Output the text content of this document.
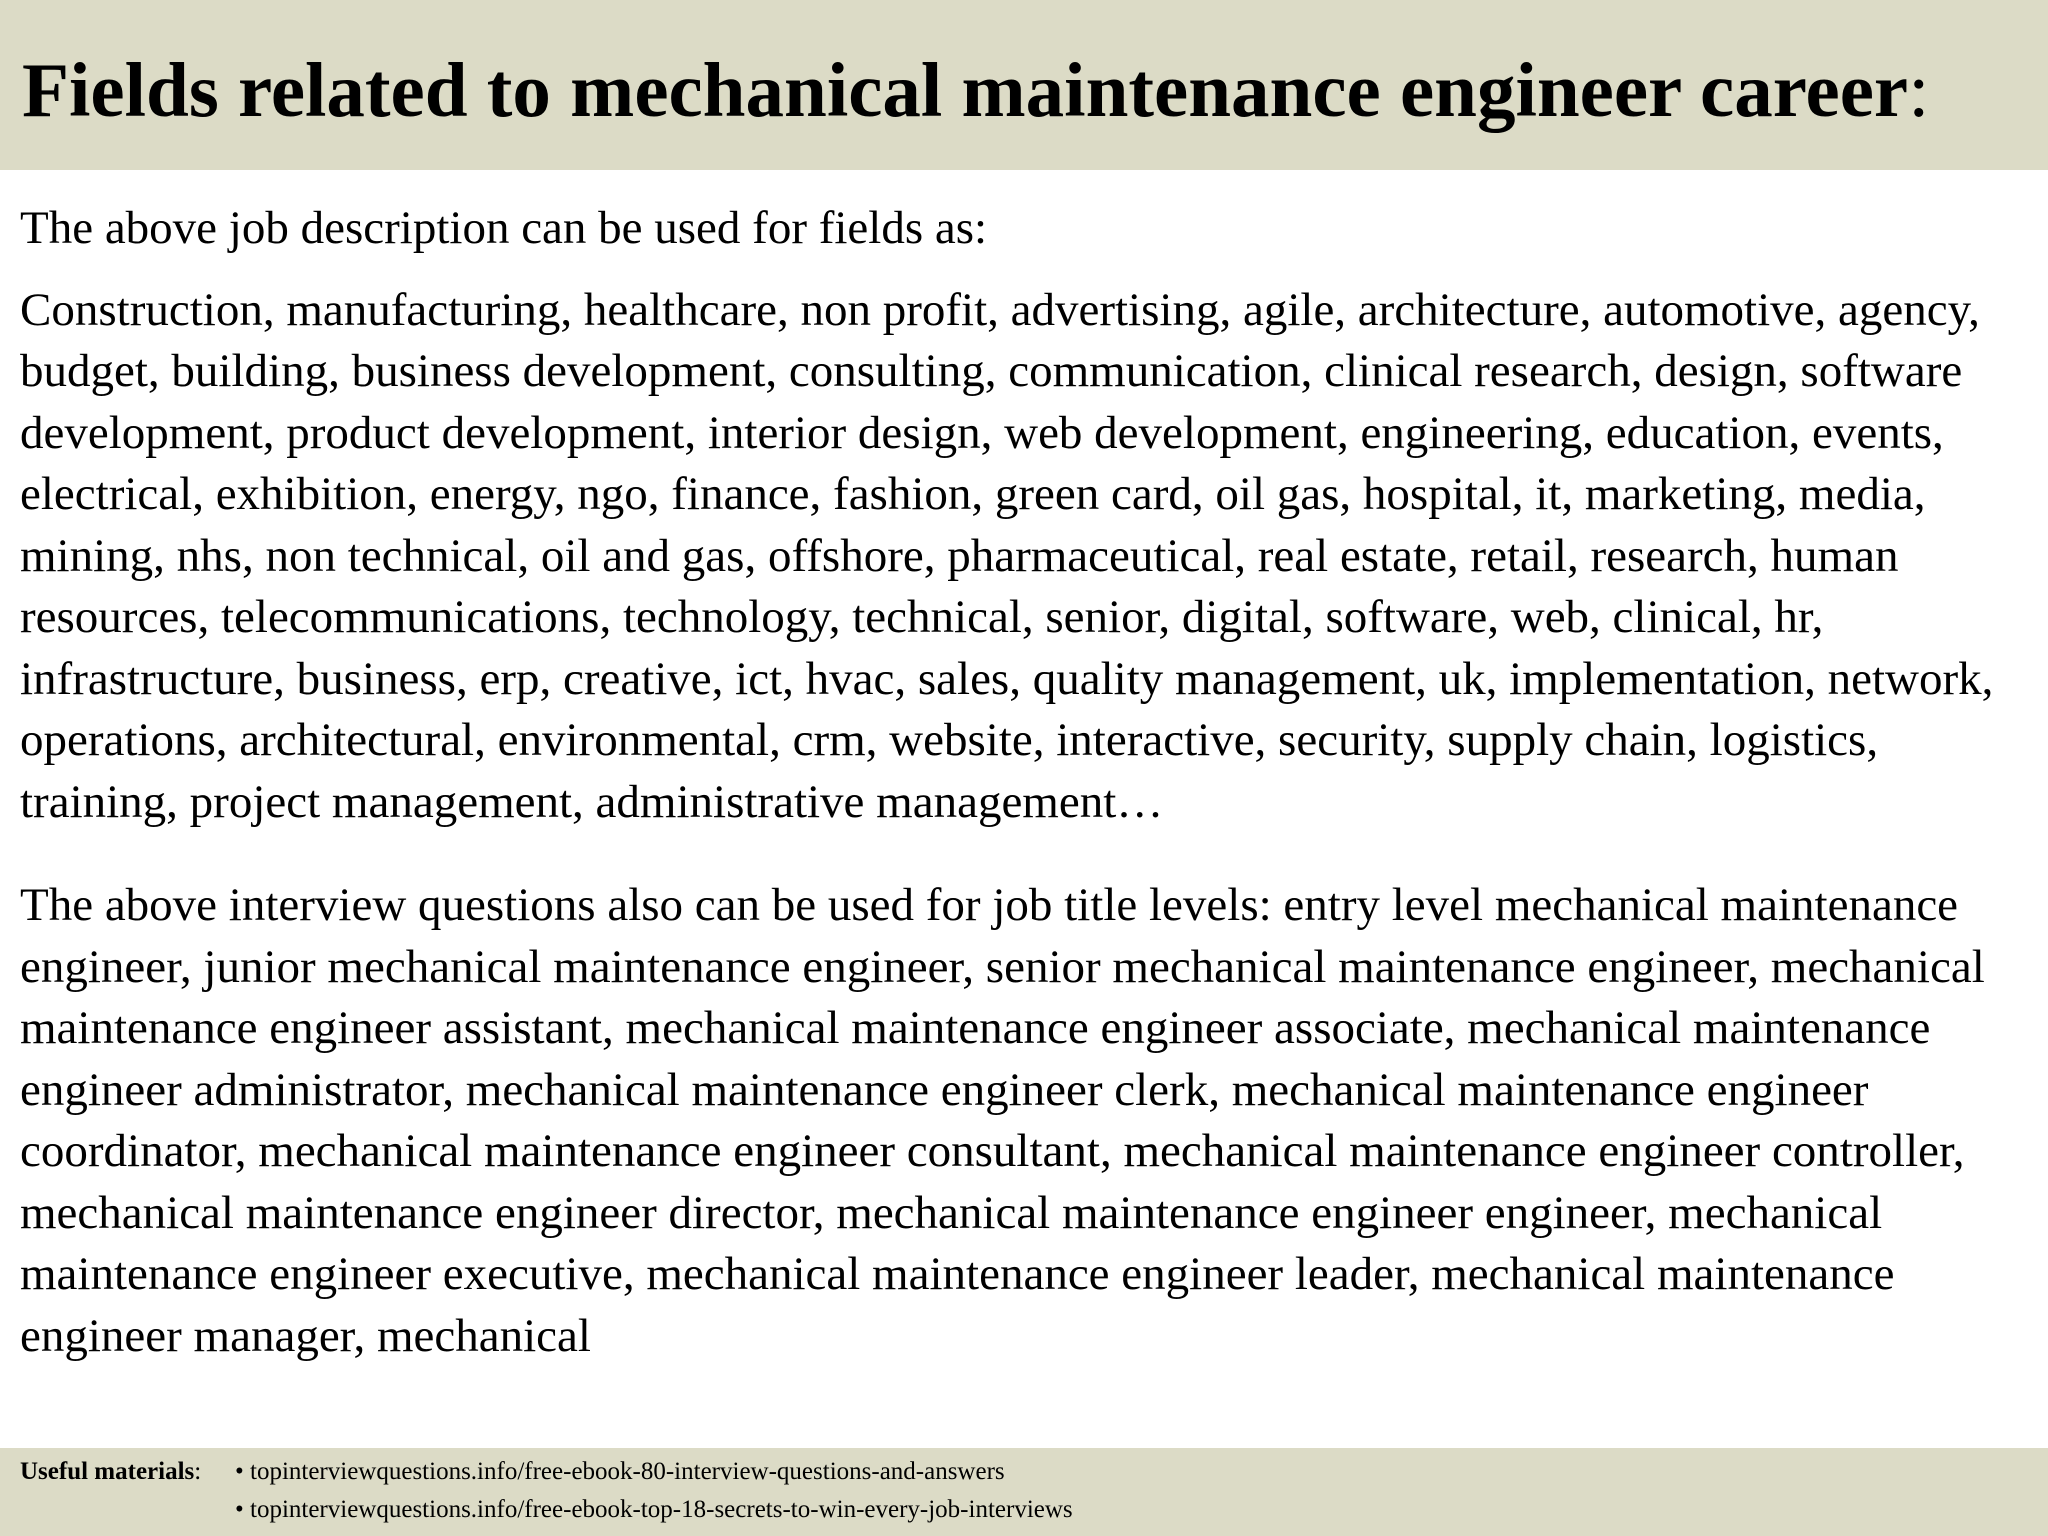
Fields related to mechanical maintenance engineer career:

The above job description can be used for fields as:

Construction, manufacturing, healthcare, non profit, advertising, agile, architecture, automotive, agency, budget, building, business development, consulting, communication, clinical research, design, software development, product development, interior design, web development, engineering, education, events, electrical, exhibition, energy, ngo, finance, fashion, green card, oil gas, hospital, it, marketing, media, mining, nhs, non technical, oil and gas, offshore, pharmaceutical, real estate, retail, research, human resources, telecommunications, technology, technical, senior, digital, software, web, clinical, hr, infrastructure, business, erp, creative, ict, hvac, sales, quality management, uk, implementation, network, operations, architectural, environmental, crm, website, interactive, security, supply chain, logistics, training, project management, administrative management…

The above interview questions also can be used for job title levels: entry level mechanical maintenance engineer, junior mechanical maintenance engineer, senior mechanical maintenance engineer, mechanical maintenance engineer assistant, mechanical maintenance engineer associate, mechanical maintenance engineer administrator, mechanical maintenance engineer clerk, mechanical maintenance engineer coordinator, mechanical maintenance engineer consultant, mechanical maintenance engineer controller, mechanical maintenance engineer director, mechanical maintenance engineer engineer, mechanical maintenance engineer executive, mechanical maintenance engineer leader, mechanical maintenance engineer manager, mechanical

Useful materials: • topinterviewquestions.info/free-ebook-80-interview-questions-and-answers
• topinterviewquestions.info/free-ebook-top-18-secrets-to-win-every-job-interviews
